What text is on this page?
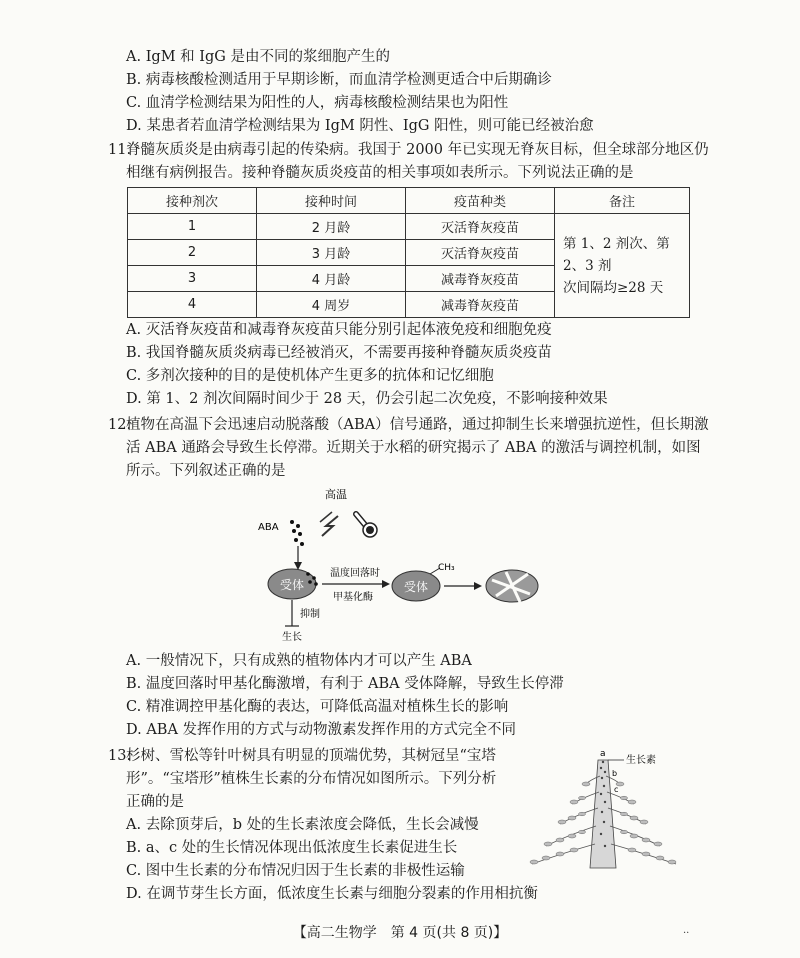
A. IgM 和 IgG 是由不同的浆细胞产生的
B. 病毒核酸检测适用于早期诊断，而血清学检测更适合中后期确诊
C. 血清学检测结果为阳性的人，病毒核酸检测结果也为阳性
D. 某患者若血清学检测结果为 IgM 阴性、IgG 阳性，则可能已经被治愈
11.脊髓灰质炎是由病毒引起的传染病。我国于 2000 年已实现无脊灰目标，但全球部分地区仍
相继有病例报告。接种脊髓灰质炎疫苗的相关事项如表所示。下列说法正确的是
接种剂次	接种时间	疫苗种类	备注
1	2 月龄	灭活脊灰疫苗	第 1、2 剂次、第 2、3 剂
次间隔均≥28 天

2	3 月龄	灭活脊灰疫苗	
3	4 月龄	减毒脊灰疫苗	
4	4 周岁	减毒脊灰疫苗	
A. 灭活脊灰疫苗和减毒脊灰疫苗只能分别引起体液免疫和细胞免疫
B. 我国脊髓灰质炎病毒已经被消灭，不需要再接种脊髓灰质炎疫苗
C. 多剂次接种的目的是使机体产生更多的抗体和记忆细胞
D. 第 1、2 剂次间隔时间少于 28 天，仍会引起二次免疫，不影响接种效果
12.植物在高温下会迅速启动脱落酸（ABA）信号通路，通过抑制生长来增强抗逆性，但长期激
活 ABA 通路会导致生长停滞。近期关于水稻的研究揭示了 ABA 的激活与调控机制，如图
所示。下列叙述正确的是
高温
ABA
受体
温度回落时
甲基化酶
受体
CH₃
抑制
生长
A. 一般情况下，只有成熟的植物体内才可以产生 ABA
B. 温度回落时甲基化酶激增，有利于 ABA 受体降解，导致生长停滞
C. 精准调控甲基化酶的表达，可降低高温对植株生长的影响
D. ABA 发挥作用的方式与动物激素发挥作用的方式完全不同
13.杉树、雪松等针叶树具有明显的顶端优势，其树冠呈“宝塔
形”。“宝塔形”植株生长素的分布情况如图所示。下列分析
正确的是
A. 去除顶芽后，b 处的生长素浓度会降低，生长会减慢
B. a、c 处的生长情况体现出低浓度生长素促进生长
C. 图中生长素的分布情况归因于生长素的非极性运输
D. 在调节芽生长方面，低浓度生长素与细胞分裂素的作用相抗衡
a
b
c
生长素
【高二生物学　第 4 页(共 8 页)】	··
